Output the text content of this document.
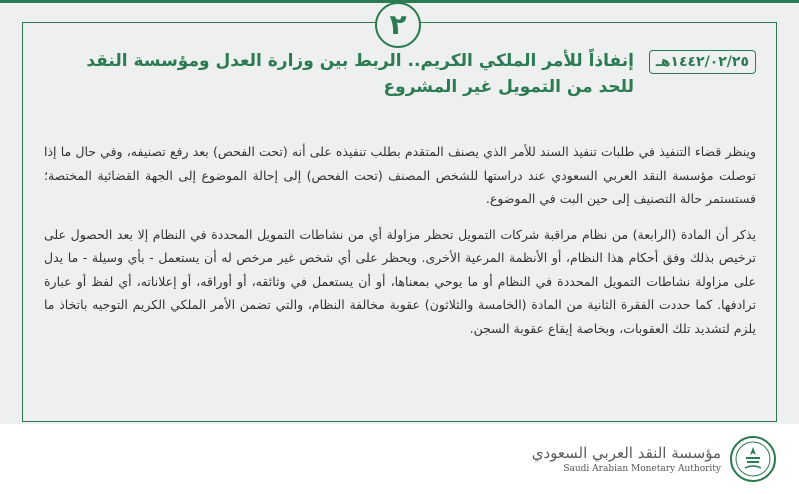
٢
١٤٤٢/٠٢/٢٥هـ
إنفاذاً للأمر الملكي الكريم.. الربط بين وزارة العدل ومؤسسة النقد للحد من التمويل غير المشروع

وينظر قضاء التنفيذ في طلبات تنفيذ السند للأمر الذي يصنف المتقدم بطلب تنفيذه على أنه (تحت الفحص) بعد رفع تصنيفه، وفي حال ما إذا توصلت مؤسسة النقد العربي السعودي عند دراستها للشخص المصنف (تحت الفحص) إلى إحالة الموضوع إلى الجهة القضائية المختصة؛ فستستمر حالة التصنيف إلى حين البت في الموضوع.

يذكر أن المادة (الرابعة) من نظام مراقبة شركات التمويل تحظر مزاولة أي من نشاطات التمويل المحددة في النظام إلا بعد الحصول على ترخيص بذلك وفق أحكام هذا النظام، أو الأنظمة المرعية الأخرى. ويحظر على أي شخص غير مرخص له أن يستعمل - بأي وسيلة - ما يدل على مزاولة نشاطات التمويل المحددة في النظام أو ما يوحي بمعناها، أو أن يستعمل في وثائقه، أو أوراقه، أو إعلاناته، أي لفظ أو عبارة ترادفها. كما حددت الفقرة الثانية من المادة (الخامسة والثلاثون) عقوبة مخالفة النظام، والتي تضمن الأمر الملكي الكريم التوجيه باتخاذ ما يلزم لتشديد تلك العقوبات، وبخاصة إيقاع عقوبة السجن.

مؤسسة النقد العربي السعودي
Saudi Arabian Monetary Authority
